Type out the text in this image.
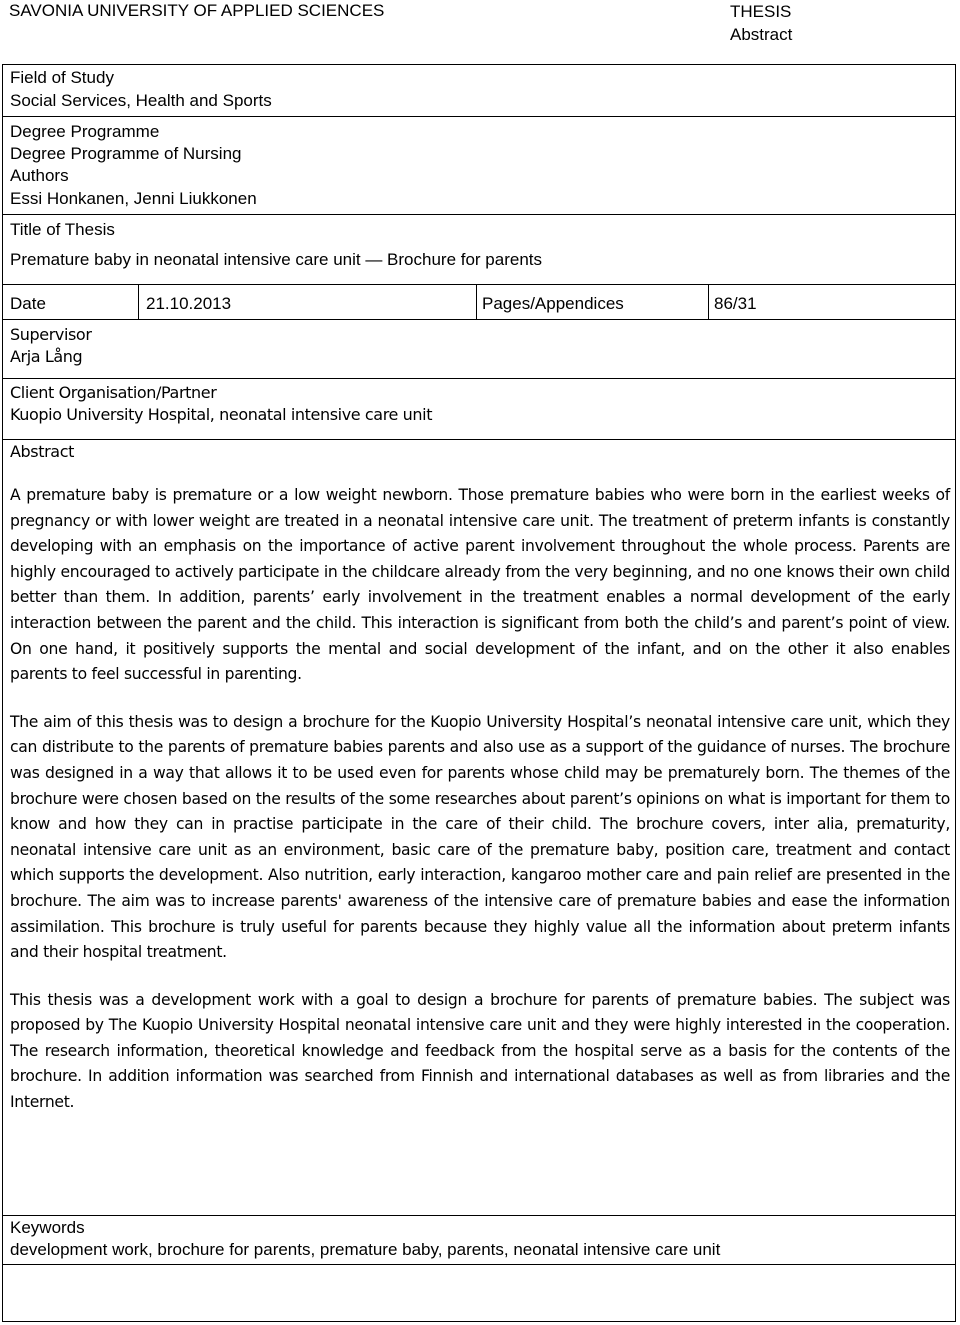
SAVONIA UNIVERSITY OF APPLIED SCIENCES	THESIS
Abstract
Field of Study
Social Services, Health and Sports
Degree Programme
Degree Programme of Nursing
Authors
Essi Honkanen, Jenni Liukkonen
Title of Thesis
Premature baby in neonatal intensive care unit — Brochure for parents
Date	21.10.2013	Pages/Appendices	86/31
Supervisor
Arja Lång
Client Organisation/Partner
Kuopio University Hospital, neonatal intensive care unit
Abstract

A premature baby is premature or a low weight newborn. Those premature babies who were born in the earliest weeks of pregnancy or with lower weight are treated in a neonatal intensive care unit. The treatment of preterm infants is constantly developing with an emphasis on the importance of active parent involvement throughout the whole process. Parents are highly encouraged to actively participate in the childcare already from the very beginning, and no one knows their own child better than them. In addition, parents’ early involvement in the treatment enables a normal development of the early interaction between the parent and the child. This interaction is significant from both the child’s and parent’s point of view. On one hand, it positively supports the mental and social development of the infant, and on the other it also enables parents to feel successful in parenting.

The aim of this thesis was to design a brochure for the Kuopio University Hospital’s neonatal intensive care unit, which they can distribute to the parents of premature babies parents and also use as a support of the guidance of nurses. The brochure was designed in a way that allows it to be used even for parents whose child may be prematurely born. The themes of the brochure were chosen based on the results of the some researches about parent’s opinions on what is important for them to know and how they can in practise participate in the care of their child. The brochure covers, inter alia, prematurity, neonatal intensive care unit as an environment, basic care of the premature baby, position care, treatment and contact which supports the development. Also nutrition, early interaction, kangaroo mother care and pain relief are presented in the brochure. The aim was to increase parents' awareness of the intensive care of premature babies and ease the information assimilation. This brochure is truly useful for parents because they highly value all the information about preterm infants and their hospital treatment.

This thesis was a development work with a goal to design a brochure for parents of premature babies. The subject was proposed by The Kuopio University Hospital neonatal intensive care unit and they were highly interested in the cooperation. The research information, theoretical knowledge and feedback from the hospital serve as a basis for the contents of the brochure. In addition information was searched from Finnish and international databases as well as from libraries and the Internet.

Keywords
development work, brochure for parents, premature baby, parents, neonatal intensive care unit
